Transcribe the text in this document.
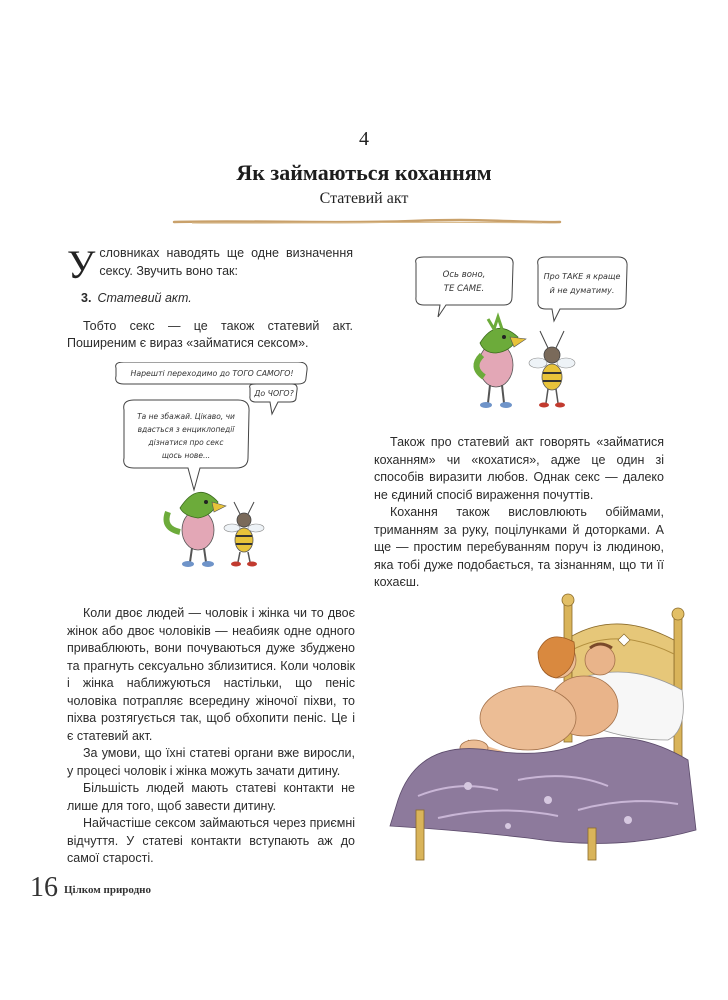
4
Як займаються коханням
Статевий акт

Условниках наводять ще одне визначення сексу. Звучить воно так:

3. Статевий акт.

Тобто секс — це також статевий акт. Поширеним є вираз «займатися сексом».

Ось воно,
ТЕ САМЕ.
Про ТАКЕ я краще
й не думатиму.
Нарешті переходимо до ТОГО САМОГО!
Та не збажай. Цікаво, чи
вдасться з енциклопедії
дізнатися про секс
щось нове...
До ЧОГО?

Також про статевий акт говорять «займатися коханням» чи «кохатися», адже це один зі способів виразити любов. Однак секс — далеко не єдиний спосіб вираження почуттів.

Кохання також висловлюють обіймами, триманням за руку, поцілунками й доторками. А ще — простим перебуванням поруч із людиною, яка тобі дуже подобається, та зізнанням, що ти її кохаєш.

Коли двоє людей — чоловік і жінка чи то двоє жінок або двоє чоловіків — неабияк одне одного приваблюють, вони почуваються дуже збуджено та прагнуть сексуально зблизитися. Коли чоловік і жінка наближуються настільки, що пеніс чоловіка потрапляє всередину жіночої піхви, то піхва розтягується так, щоб обхопити пеніс. Це і є статевий акт.

За умови, що їхні статеві органи вже виросли, у процесі чоловік і жінка можуть зачати дитину.

Більшість людей мають статеві контакти не лише для того, щоб завести дитину.

Найчастіше сексом займаються через приємні відчуття. У статеві контакти вступають аж до самої старості.

16 Цілком природно
